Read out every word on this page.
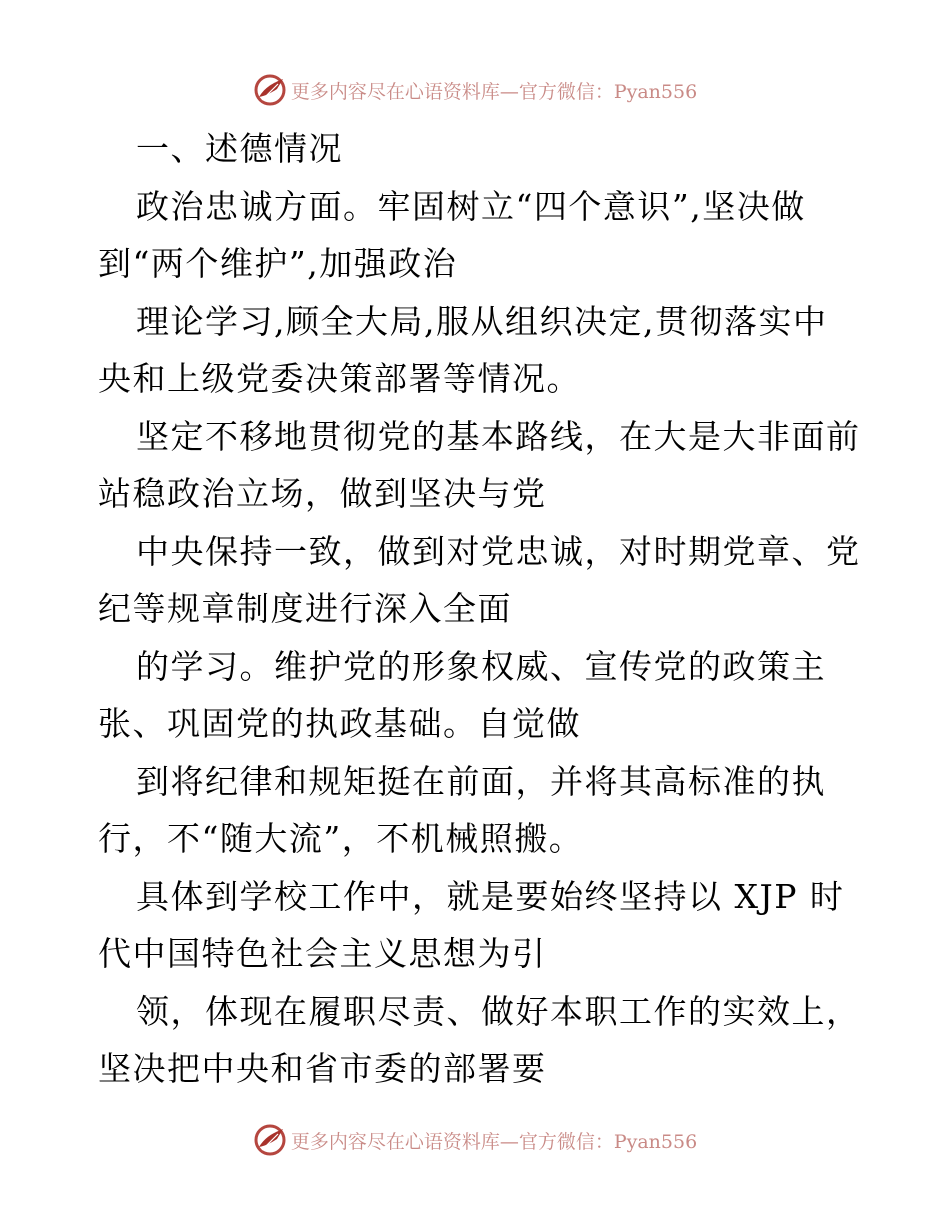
更多内容尽在心语资料库—官方微信：Pyan556
一、述德情况
政治忠诚方面。牢固树立“四个意识”,坚决做
到“两个维护”,加强政治
理论学习,顾全大局,服从组织决定,贯彻落实中
央和上级党委决策部署等情况。
坚定不移地贯彻党的基本路线，在大是大非面前
站稳政治立场，做到坚决与党
中央保持一致，做到对党忠诚，对时期党章、党
纪等规章制度进行深入全面
的学习。维护党的形象权威、宣传党的政策主
张、巩固党的执政基础。自觉做
到将纪律和规矩挺在前面，并将其高标准的执
行，不“随大流”，不机械照搬。
具体到学校工作中，就是要始终坚持以 XJP 时
代中国特色社会主义思想为引
领，体现在履职尽责、做好本职工作的实效上，
坚决把中央和省市委的部署要
更多内容尽在心语资料库—官方微信：Pyan556
